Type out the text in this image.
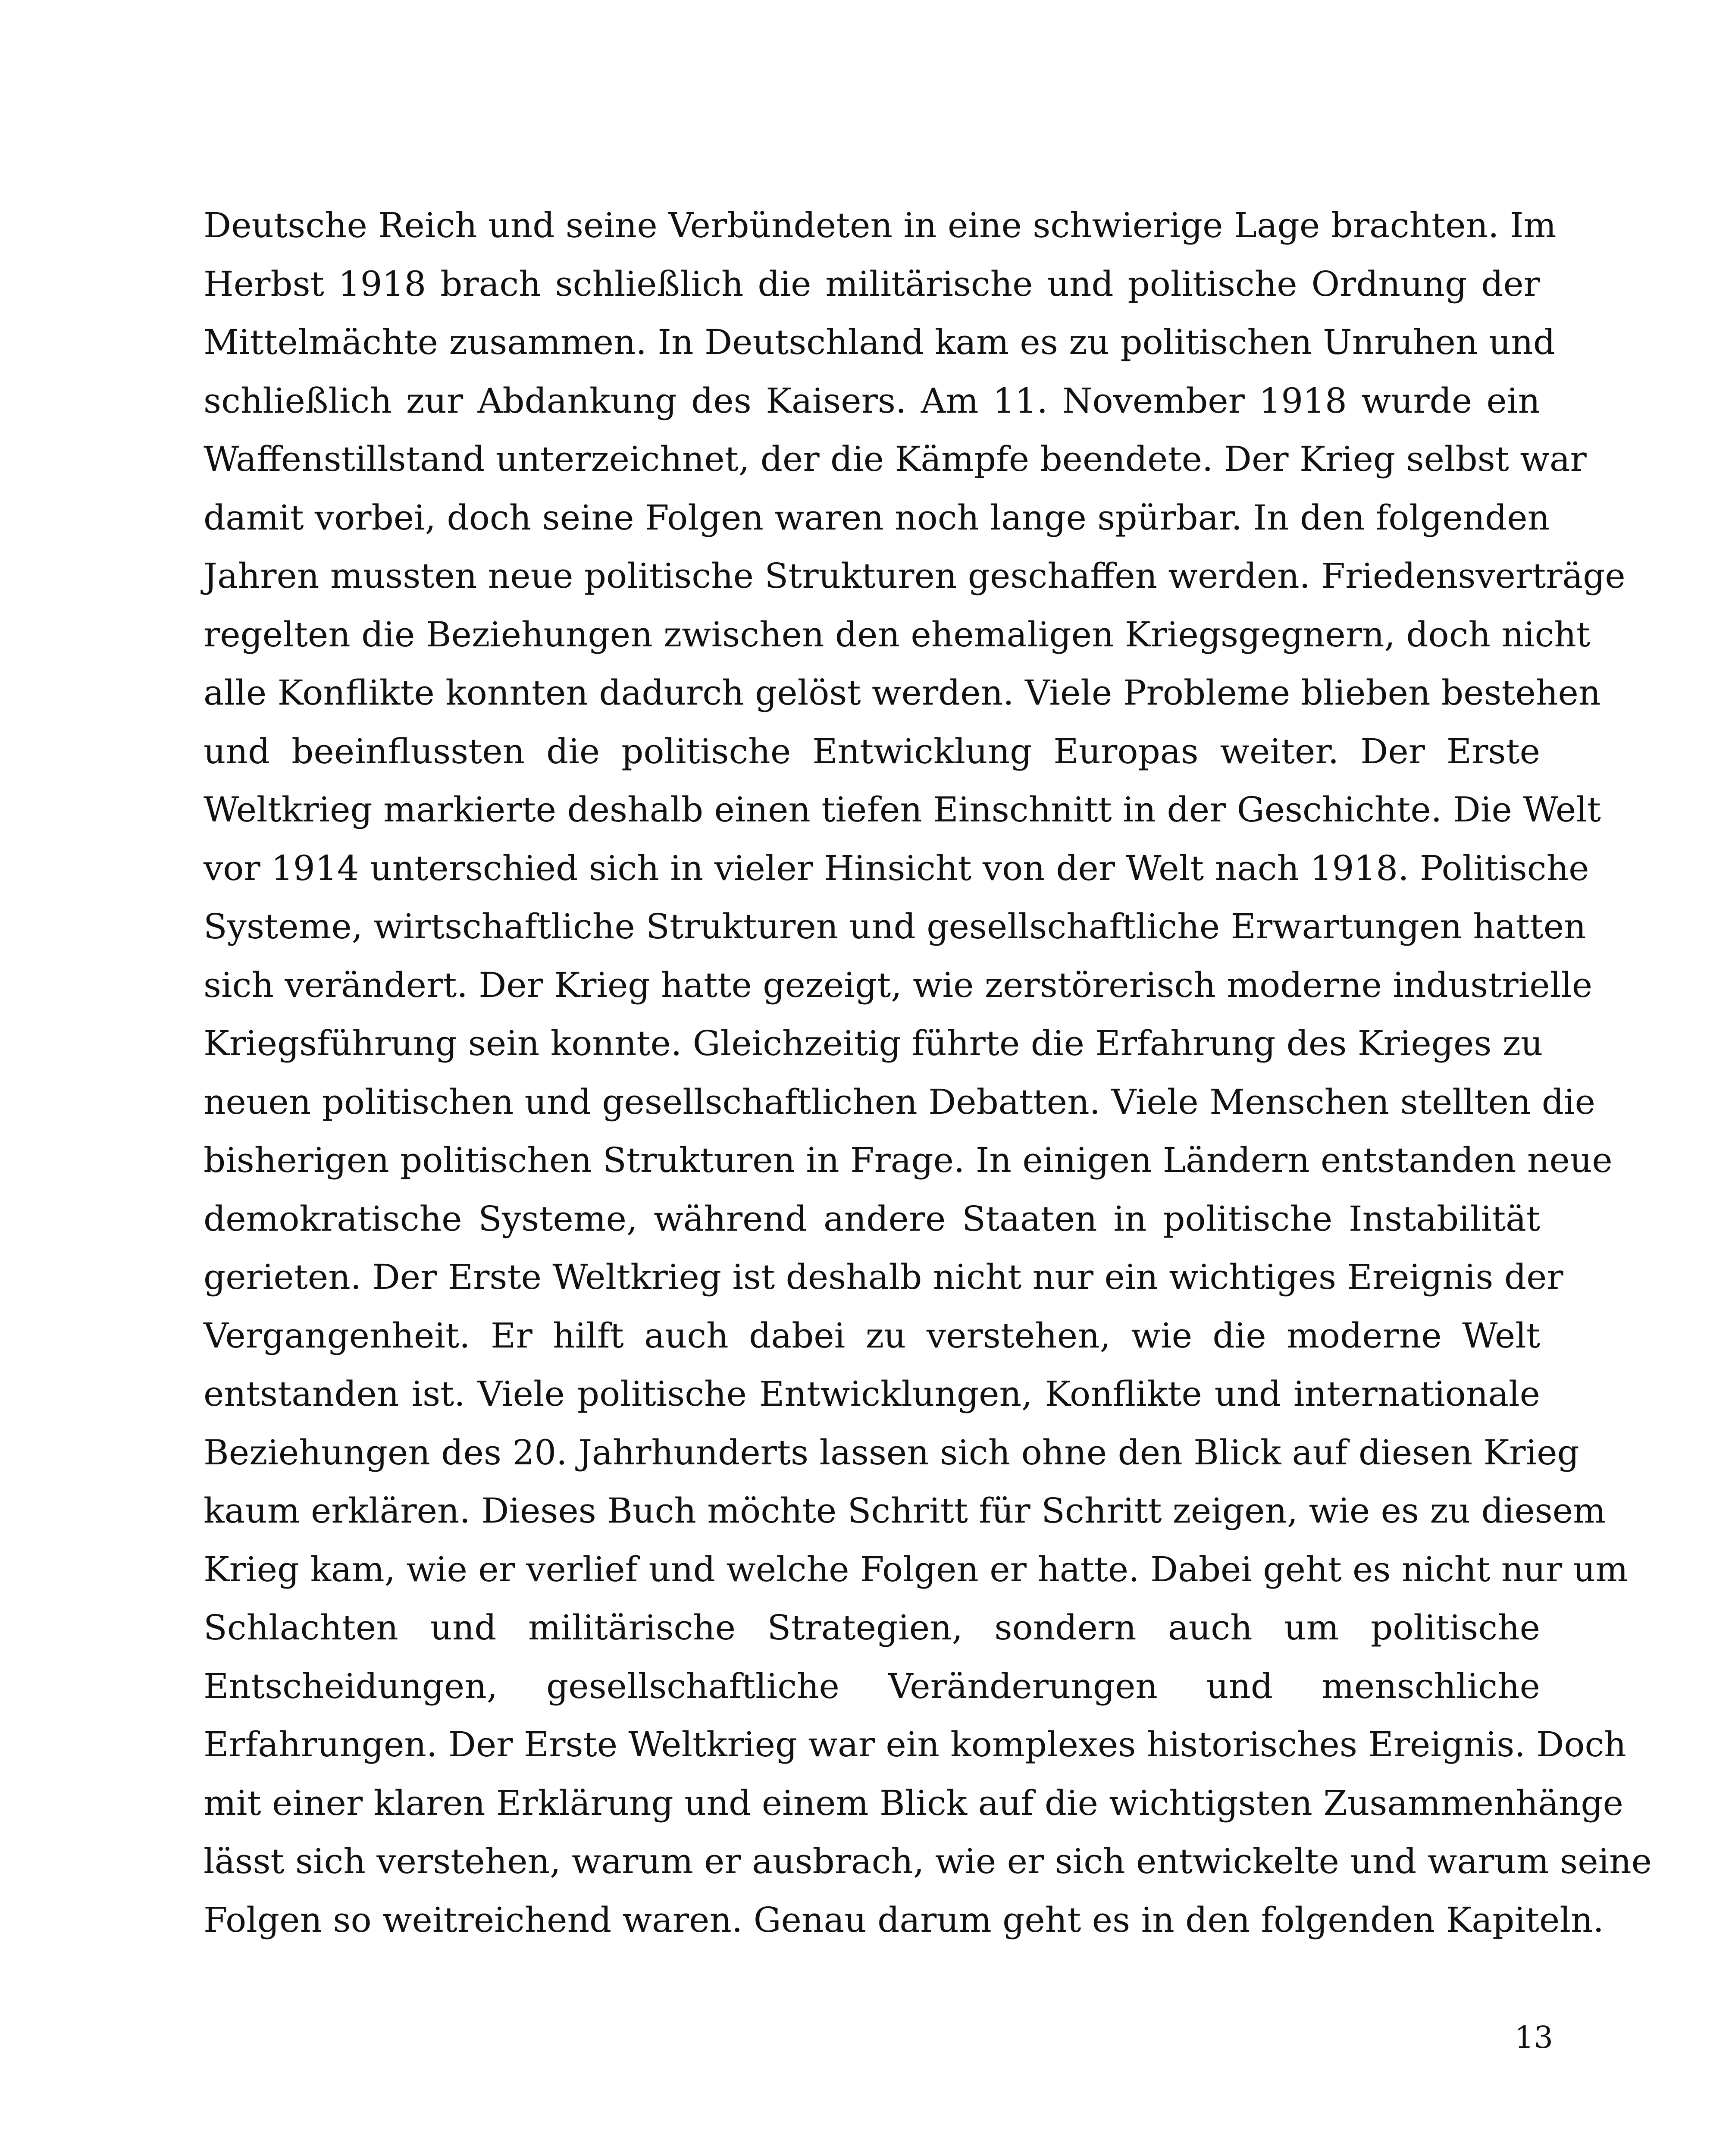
Deutsche Reich und seine Verbündeten in eine schwierige Lage brachten. Im
Herbst 1918 brach schließlich die militärische und politische Ordnung der
Mittelmächte zusammen. In Deutschland kam es zu politischen Unruhen und
schließlich zur Abdankung des Kaisers. Am 11. November 1918 wurde ein
Waffenstillstand unterzeichnet, der die Kämpfe beendete. Der Krieg selbst war
damit vorbei, doch seine Folgen waren noch lange spürbar. In den folgenden
Jahren mussten neue politische Strukturen geschaffen werden. Friedensverträge
regelten die Beziehungen zwischen den ehemaligen Kriegsgegnern, doch nicht
alle Konflikte konnten dadurch gelöst werden. Viele Probleme blieben bestehen
und beeinflussten die politische Entwicklung Europas weiter. Der Erste
Weltkrieg markierte deshalb einen tiefen Einschnitt in der Geschichte. Die Welt
vor 1914 unterschied sich in vieler Hinsicht von der Welt nach 1918. Politische
Systeme, wirtschaftliche Strukturen und gesellschaftliche Erwartungen hatten
sich verändert. Der Krieg hatte gezeigt, wie zerstörerisch moderne industrielle
Kriegsführung sein konnte. Gleichzeitig führte die Erfahrung des Krieges zu
neuen politischen und gesellschaftlichen Debatten. Viele Menschen stellten die
bisherigen politischen Strukturen in Frage. In einigen Ländern entstanden neue
demokratische Systeme, während andere Staaten in politische Instabilität
gerieten. Der Erste Weltkrieg ist deshalb nicht nur ein wichtiges Ereignis der
Vergangenheit. Er hilft auch dabei zu verstehen, wie die moderne Welt
entstanden ist. Viele politische Entwicklungen, Konflikte und internationale
Beziehungen des 20. Jahrhunderts lassen sich ohne den Blick auf diesen Krieg
kaum erklären. Dieses Buch möchte Schritt für Schritt zeigen, wie es zu diesem
Krieg kam, wie er verlief und welche Folgen er hatte. Dabei geht es nicht nur um
Schlachten und militärische Strategien, sondern auch um politische
Entscheidungen, gesellschaftliche Veränderungen und menschliche
Erfahrungen. Der Erste Weltkrieg war ein komplexes historisches Ereignis. Doch
mit einer klaren Erklärung und einem Blick auf die wichtigsten Zusammenhänge
lässt sich verstehen, warum er ausbrach, wie er sich entwickelte und warum seine
Folgen so weitreichend waren. Genau darum geht es in den folgenden Kapiteln.

13
